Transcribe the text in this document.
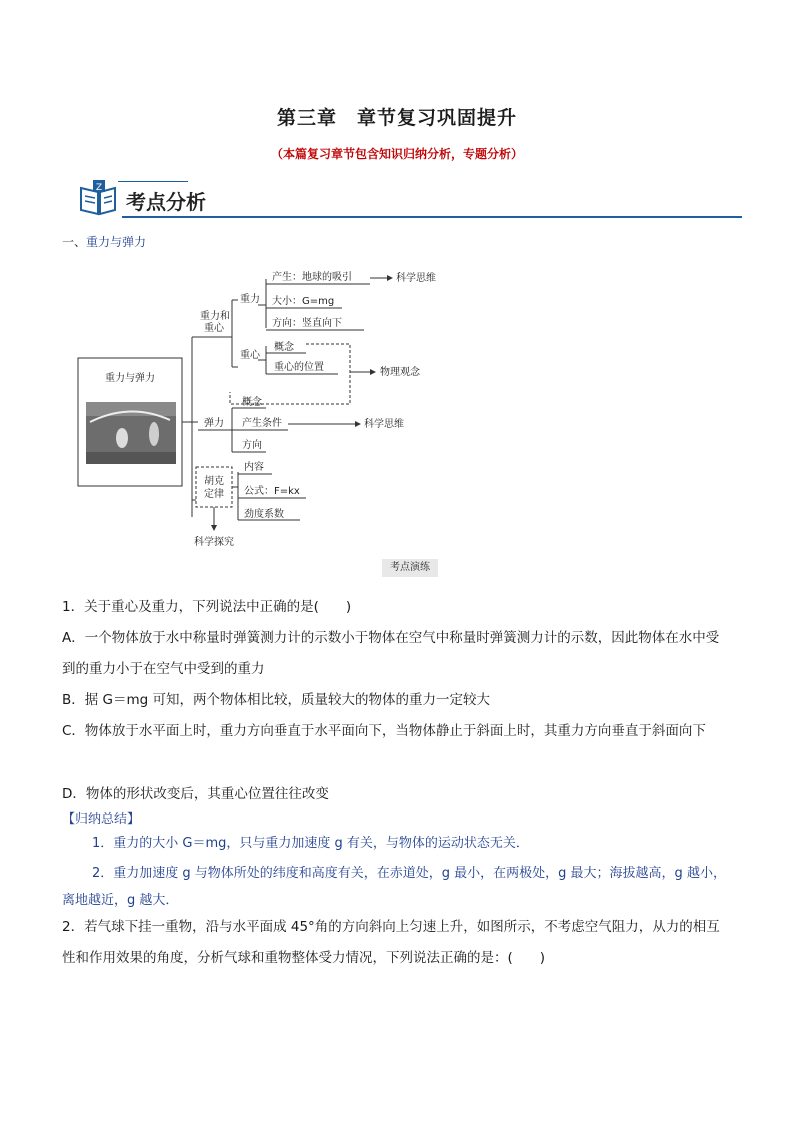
第三章　章节复习巩固提升
（本篇复习章节包含知识归纳分析，专题分析）
Z
考点分析
一、重力与弹力
重力与弹力
重力和
重心
重力
重心
产生：地球的吸引
大小：G=mg
方向：竖直向下
科学思维
概念
重心的位置	物理观念
弹力
概念
产生条件
方向
科学思维
胡克
定律
内容
公式：F=kx
劲度系数
科学探究
考点演练
1．关于重心及重力，下列说法中正确的是(　　)
A．一个物体放于水中称量时弹簧测力计的示数小于物体在空气中称量时弹簧测力计的示数，因此物体在水中受到的重力小于在空气中受到的重力
B．据 G＝mg 可知，两个物体相比较，质量较大的物体的重力一定较大
C．物体放于水平面上时，重力方向垂直于水平面向下，当物体静止于斜面上时，其重力方向垂直于斜面向下
D．物体的形状改变后，其重心位置往往改变
【归纳总结】
1．重力的大小 G＝mg，只与重力加速度 g 有关，与物体的运动状态无关．
2．重力加速度 g 与物体所处的纬度和高度有关，在赤道处，g 最小，在两极处，g 最大；海拔越高，g 越小，离地越近，g 越大．
2．若气球下挂一重物，沿与水平面成 45°角的方向斜向上匀速上升，如图所示，不考虑空气阻力，从力的相互性和作用效果的角度，分析气球和重物整体受力情况，下列说法正确的是：(　　)
